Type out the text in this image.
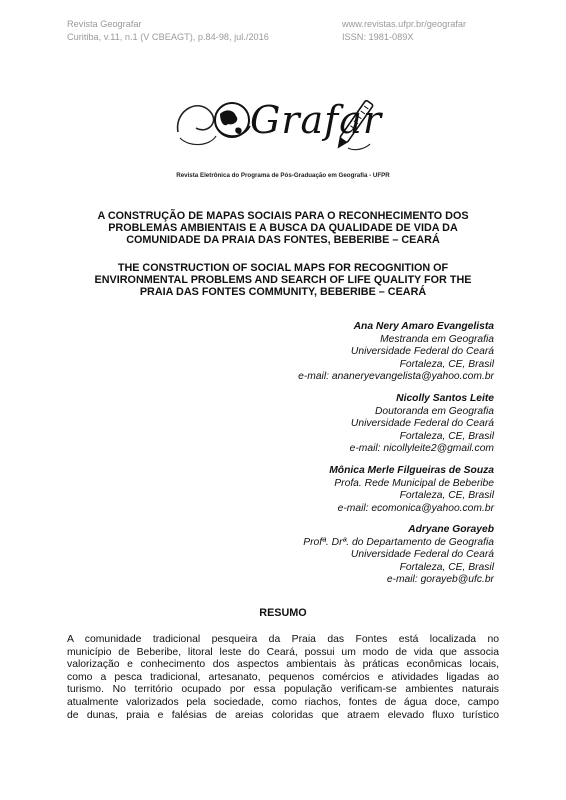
Revista Geografar
Curitiba, v.11, n.1 (V CBEAGT), p.84-98, jul./2016
www.revistas.ufpr.br/geografar
ISSN: 1981-089X
Grafar
Revista Eletrônica do Programa de Pós-Graduação em Geografia - UFPR
A CONSTRUÇÃO DE MAPAS SOCIAIS PARA O RECONHECIMENTO DOS
PROBLEMAS AMBIENTAIS E A BUSCA DA QUALIDADE DE VIDA DA
COMUNIDADE DA PRAIA DAS FONTES, BEBERIBE – CEARÁ
THE CONSTRUCTION OF SOCIAL MAPS FOR RECOGNITION OF
ENVIRONMENTAL PROBLEMS AND SEARCH OF LIFE QUALITY FOR THE
PRAIA DAS FONTES COMMUNITY, BEBERIBE – CEARÁ
Ana Nery Amaro Evangelista
Mestranda em Geografia
Universidade Federal do Ceará
Fortaleza, CE, Brasil
e-mail: ananeryevangelista@yahoo.com.br
Nicolly Santos Leite
Doutoranda em Geografia
Universidade Federal do Ceará
Fortaleza, CE, Brasil
e-mail: nicollyleite2@gmail.com
Mônica Merle Filgueiras de Souza
Profa. Rede Municipal de Beberibe
Fortaleza, CE, Brasil
e-mail: ecomonica@yahoo.com.br
Adryane Gorayeb
Profª. Drª. do Departamento de Geografia
Universidade Federal do Ceará
Fortaleza, CE, Brasil
e-mail: gorayeb@ufc.br
RESUMO
A comunidade tradicional pesqueira da Praia das Fontes está localizada no
município de Beberibe, litoral leste do Ceará, possui um modo de vida que associa
valorização e conhecimento dos aspectos ambientais às práticas econômicas locais,
como a pesca tradicional, artesanato, pequenos comércios e atividades ligadas ao
turismo. No território ocupado por essa população verificam-se ambientes naturais
atualmente valorizados pela sociedade, como riachos, fontes de água doce, campo
de dunas, praia e falésias de areias coloridas que atraem elevado fluxo turístico
